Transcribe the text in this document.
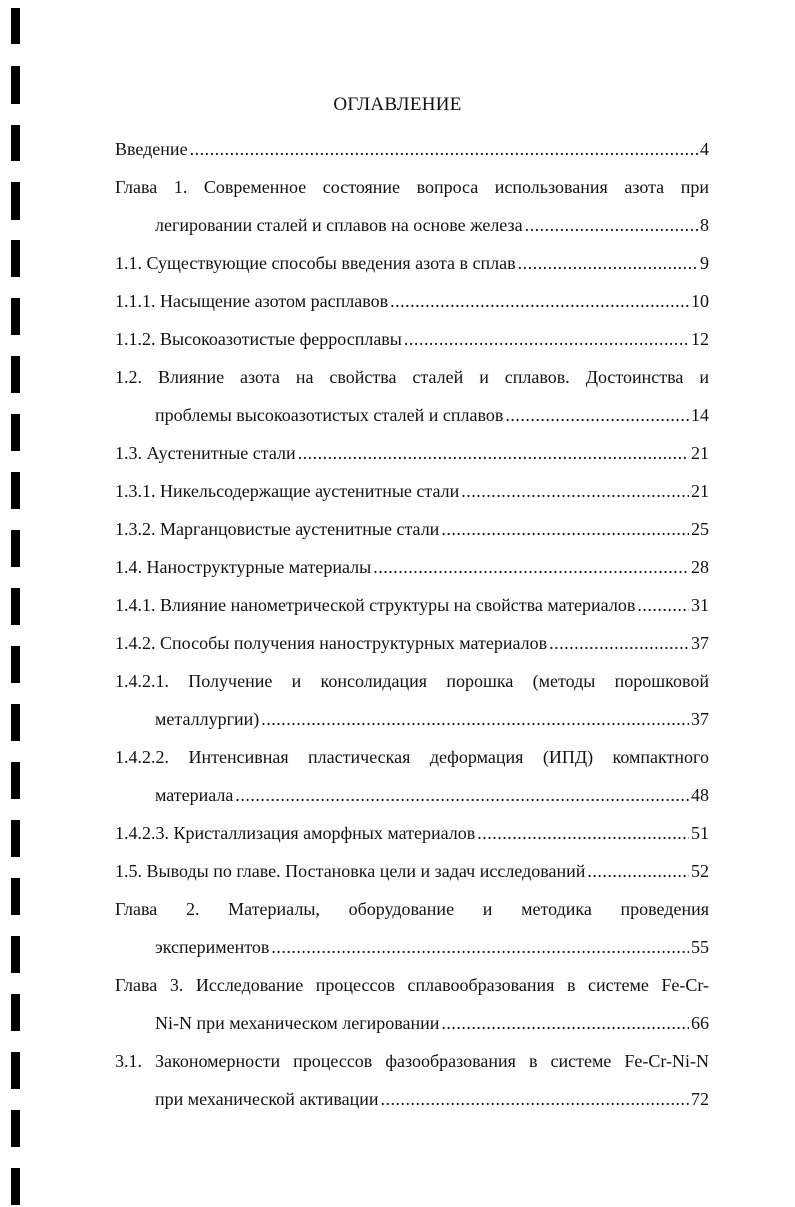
ОГЛАВЛЕНИЕ
Введение .....	4
Глава 1. Современное состояние вопроса использования азота при
легировании сталей и сплавов на основе железа .....	8
1.1. Существующие способы введения азота в сплав .....	9
1.1.1. Насыщение азотом расплавов .....	10
1.1.2. Высокоазотистые ферросплавы .....	12
1.2. Влияние азота на свойства сталей и сплавов. Достоинства и
проблемы высокоазотистых сталей и сплавов .....	14
1.3. Аустенитные стали .....	21
1.3.1. Никельсодержащие аустенитные стали .....	21
1.3.2. Марганцовистые аустенитные стали .....	25
1.4. Наноструктурные материалы .....	28
1.4.1. Влияние нанометрической структуры на свойства материалов .....	31
1.4.2. Способы получения наноструктурных материалов .....	37
1.4.2.1. Получение и консолидация порошка (методы порошковой
металлургии) .....	37
1.4.2.2. Интенсивная пластическая деформация (ИПД) компактного
материала .....	48
1.4.2.3. Кристаллизация аморфных материалов .....	51
1.5. Выводы по главе. Постановка цели и задач исследований .....	52
Глава 2. Материалы, оборудование и методика проведения
экспериментов .....	55
Глава 3. Исследование процессов сплавообразования в системе Fe-Cr-
Ni-N при механическом легировании .....	66
3.1. Закономерности процессов фазообразования в системе Fe-Cr-Ni-N
при механической активации .....	72
